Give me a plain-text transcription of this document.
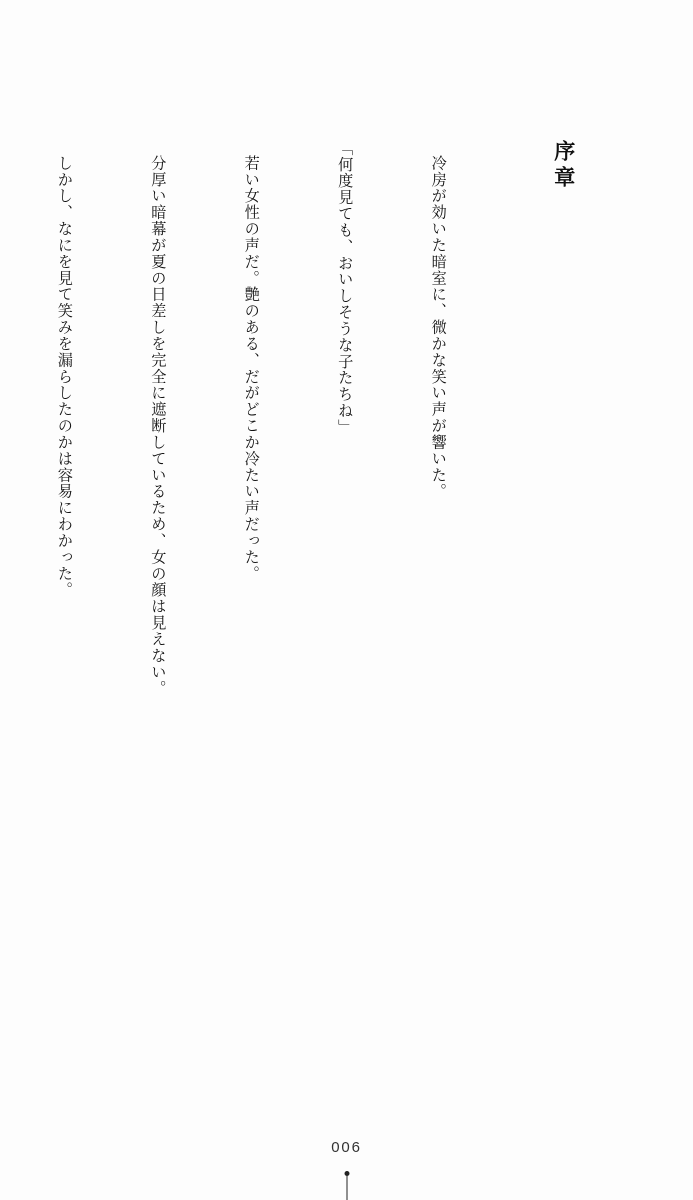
序章

冷房が効いた暗室に、微かな笑い声が響いた。

「何度見ても、おいしそうな子たちね」

若い女性の声だ。艶のある、だがどこか冷たい声だった。

分厚い暗幕が夏の日差しを完全に遮断しているため、女の顔は見えない。

しかし、なにを見て笑みを漏らしたのかは容易にわかった。

006
